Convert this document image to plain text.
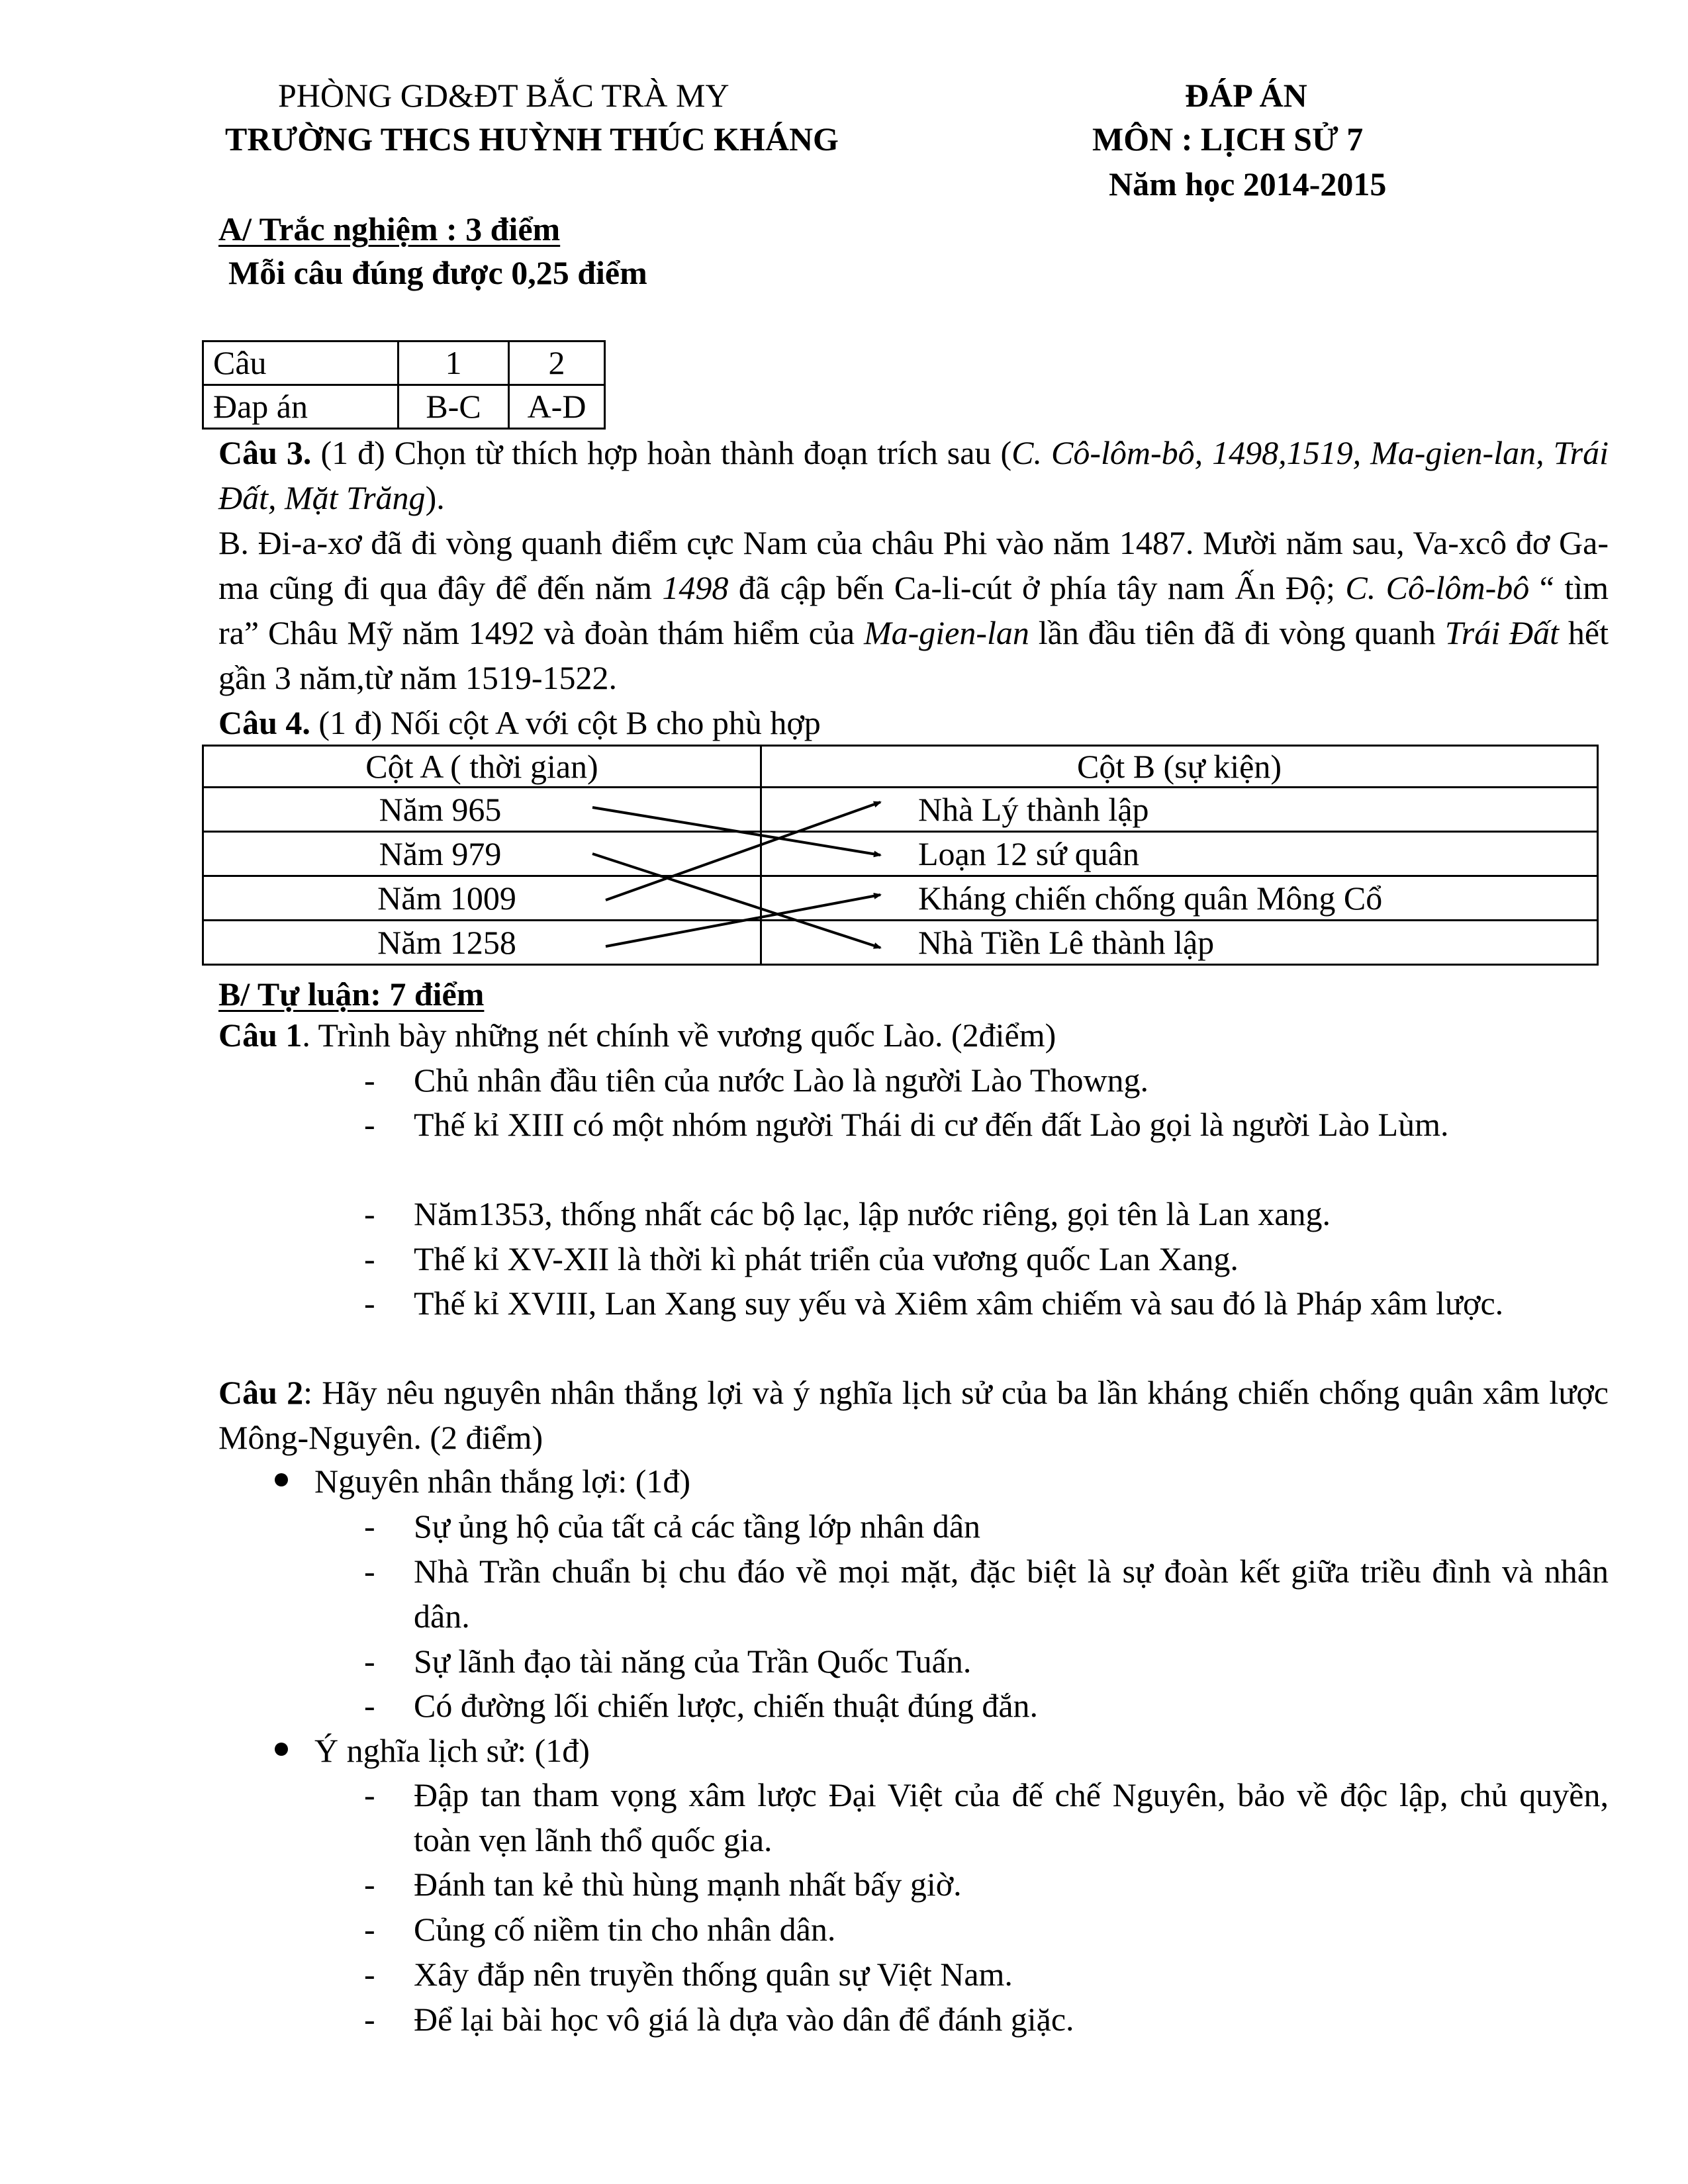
PHÒNG GD&ĐT BẮC TRÀ MY
TRƯỜNG THCS HUỲNH THÚC KHÁNG
ĐÁP ÁN
MÔN : LỊCH SỬ 7
Năm học 2014-2015
A/ Trắc nghiệm : 3 điểm
Mỗi câu đúng được 0,25 điểm
Câu	1	2
Đap án	B-C	A-D
Câu 3. (1 đ) Chọn từ thích hợp hoàn thành đoạn trích sau (C. Cô-lôm-bô, 1498,1519, Ma-gien-lan, Trái Đất, Mặt Trăng).
B. Đi-a-xơ đã đi vòng quanh điểm cực Nam của châu Phi vào năm 1487. Mười năm sau, Va-xcô đơ Ga-ma cũng đi qua đây để đến năm 1498 đã cập bến Ca-li-cút ở phía tây nam Ấn Độ; C. Cô-lôm-bô “ tìm ra” Châu Mỹ năm 1492 và đoàn thám hiểm của Ma-gien-lan lần đầu tiên đã đi vòng quanh Trái Đất hết gần 3 năm,từ năm 1519-1522.
Câu 4. (1 đ) Nối cột A với cột B cho phù hợp
Cột A ( thời gian)	Cột B (sự kiện)
Năm 965	Nhà Lý thành lập
Năm 979	Loạn 12 sứ quân
Năm 1009	Kháng chiến chống quân Mông Cổ
Năm 1258	Nhà Tiền Lê thành lập
B/ Tự luận: 7 điểm
Câu 1. Trình bày những nét chính về vương quốc Lào. (2điểm)
- Chủ nhân đầu tiên của nước Lào là người Lào Thowng.
- Thế kỉ XIII có một nhóm người Thái di cư đến đất Lào gọi là người Lào Lùm.
- Năm1353, thống nhất các bộ lạc, lập nước riêng, gọi tên là Lan xang.
- Thế kỉ XV-XII là thời kì phát triển của vương quốc Lan Xang.
- Thế kỉ XVIII, Lan Xang suy yếu và Xiêm xâm chiếm và sau đó là Pháp xâm lược.
Câu 2: Hãy nêu nguyên nhân thắng lợi và ý nghĩa lịch sử của ba lần kháng chiến chống quân xâm lược Mông-Nguyên. (2 điểm)
Nguyên nhân thắng lợi: (1đ)
- Sự ủng hộ của tất cả các tầng lớp nhân dân
- Nhà Trần chuẩn bị chu đáo về mọi mặt, đặc biệt là sự đoàn kết giữa triều đình và nhân dân.
- Sự lãnh đạo tài năng của Trần Quốc Tuấn.
- Có đường lối chiến lược, chiến thuật đúng đắn.
Ý nghĩa lịch sử: (1đ)
- Đập tan tham vọng xâm lược Đại Việt của đế chế Nguyên, bảo về độc lập, chủ quyền, toàn vẹn lãnh thổ quốc gia.
- Đánh tan kẻ thù hùng mạnh nhất bấy giờ.
- Củng cố niềm tin cho nhân dân.
- Xây đắp nên truyền thống quân sự Việt Nam.
- Để lại bài học vô giá là dựa vào dân để đánh giặc.
